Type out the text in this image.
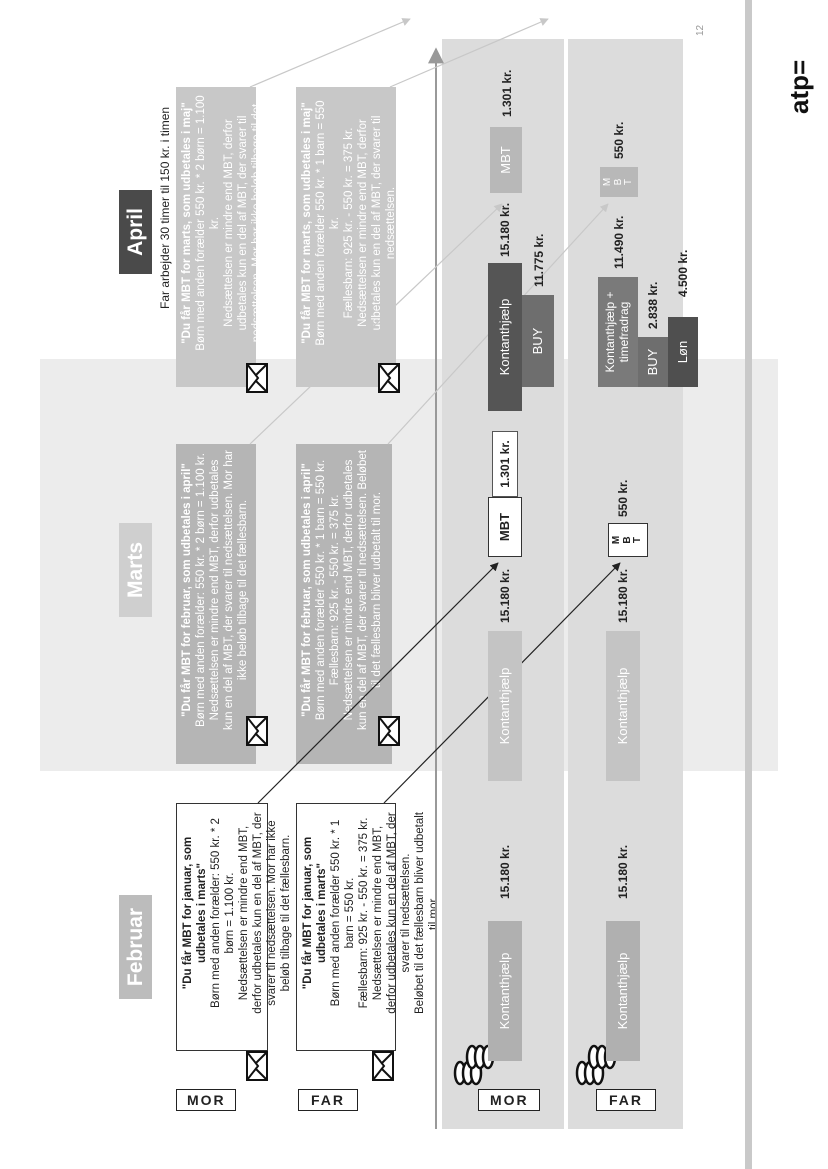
atp=
12
Februar
Marts
April Far arbejder 30 timer til 150 kr. i timen

"Du får MBT for januar, som udbetales i marts" Børn med anden forælder: 550 kr. * 2 børn = 1.100 kr. Nedsættelsen er mindre end MBT, derfor udbetales kun en del af MBT, der svarer til nedsættelsen. Mor har ikke beløb tilbage til det fællesbarn.

"Du får MBT for februar, som udbetales i april" Børn med anden forælder: 550 kr. * 2 børn = 1.100 kr. Nedsættelsen er mindre end MBT, derfor udbetales kun en del af MBT, der svarer til nedsættelsen. Mor har ikke beløb tilbage til det fællesbarn.

"Du får MBT for marts, som udbetales i maj" Børn med anden forælder 550 kr. * 2 børn = 1.100 kr. Nedsættelsen er mindre end MBT, derfor udbetales kun en del af MBT, der svarer til nedsættelsen. Mor har ikke beløb tilbage til det fællesbarn

"Du får MBT for januar, som udbetales i marts" Børn med anden forælder 550 kr. * 1 barn = 550 kr. Fællesbarn: 925 kr. - 550 kr. = 375 kr. Nedsættelsen er mindre end MBT, derfor udbetales kun en del af MBT, der svarer til nedsættelsen. Beløbet til det fællesbarn bliver udbetalt til mor.

"Du får MBT for februar, som udbetales i april" Børn med anden forælder 550 kr. * 1 barn = 550 kr. Fællesbarn: 925 kr. - 550 kr. = 375 kr. Nedsættelsen er mindre end MBT, derfor udbetales kun en del af MBT, der svarer til nedsættelsen. Beløbet til det fællesbarn bliver udbetalt til mor.

"Du får MBT for marts, som udbetales i maj" Børn med anden forælder 550 kr. * 1 barn = 550 kr. Fællesbarn: 925 kr. - 550 kr. = 375 kr. Nedsættelsen er mindre end MBT, derfor udbetales kun en del af MBT, der svarer til nedsættelsen. Beløbet til det fællesbarn bliver udbetalt til mor.

MOR	FAR	MOR	FAR
Kontanthjælp
15.180 kr.
Kontanthjælp
15.180 kr.
MBT
1.301 kr.
Kontanthjælp
15.180 kr.
BUY
11.775 kr.
MBT
1.301 kr.
Kontanthjælp
15.180 kr.
Kontanthjælp
15.180 kr.
M B T
550 kr.
Kontanthjælp + timefradrag
11.490 kr.
BUY
2.838 kr.
Løn
4.500 kr.
M B T
550 kr.
